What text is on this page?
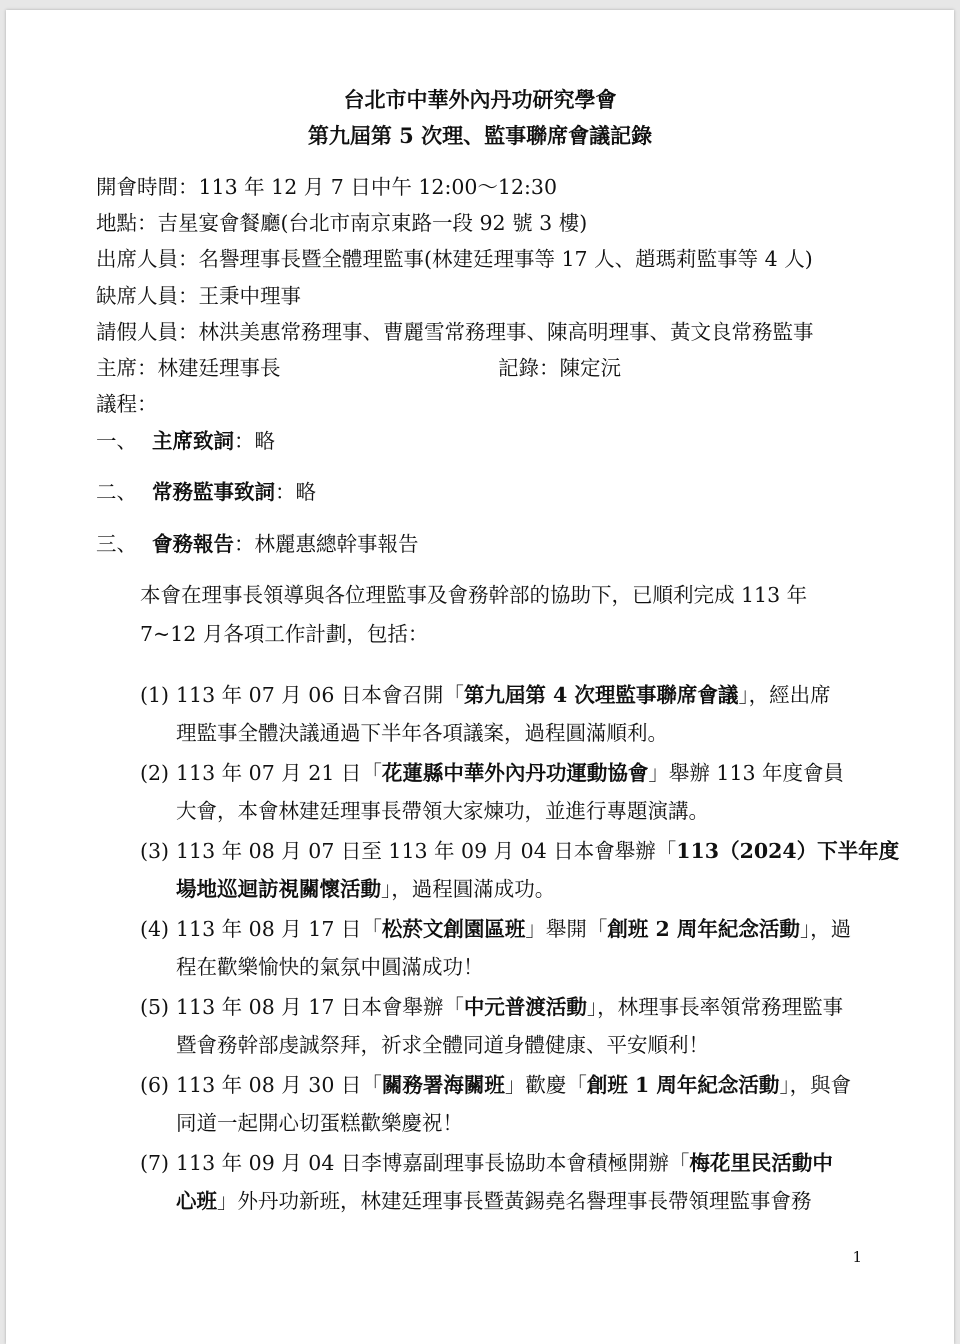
台北市中華外內丹功研究學會
第九屆第 5 次理、監事聯席會議記錄
開會時間：113 年 12 月 7 日中午 12:00～12:30
地點：吉星宴會餐廳(台北市南京東路一段 92 號 3 樓)
出席人員：名譽理事長暨全體理監事(林建廷理事等 17 人、趙瑪莉監事等 4 人)
缺席人員：王秉中理事
請假人員：林洪美惠常務理事、曹麗雪常務理事、陳高明理事、黃文良常務監事
主席：林建廷理事長	記錄：陳定沅
議程：
一、 主席致詞：略
二、 常務監事致詞：略
三、 會務報告：林麗惠總幹事報告
本會在理事長領導與各位理監事及會務幹部的協助下，已順利完成 113 年
7~12 月各項工作計劃，包括：
(1) 113 年 07 月 06 日本會召開「第九屆第 4 次理監事聯席會議」，經出席
理監事全體決議通過下半年各項議案，過程圓滿順利。
(2) 113 年 07 月 21 日「花蓮縣中華外內丹功運動協會」舉辦 113 年度會員
大會，本會林建廷理事長帶領大家煉功，並進行專題演講。
(3) 113 年 08 月 07 日至 113 年 09 月 04 日本會舉辦「113（2024）下半年度
場地巡迴訪視關懷活動」，過程圓滿成功。
(4) 113 年 08 月 17 日「松菸文創園區班」舉開「創班 2 周年紀念活動」，過
程在歡樂愉快的氣氛中圓滿成功！
(5) 113 年 08 月 17 日本會舉辦「中元普渡活動」，林理事長率領常務理監事
暨會務幹部虔誠祭拜，祈求全體同道身體健康、平安順利！
(6) 113 年 08 月 30 日「關務署海關班」歡慶「創班 1 周年紀念活動」，與會
同道一起開心切蛋糕歡樂慶祝！
(7) 113 年 09 月 04 日李博嘉副理事長協助本會積極開辦「梅花里民活動中
心班」外丹功新班，林建廷理事長暨黃錫堯名譽理事長帶領理監事會務
1
